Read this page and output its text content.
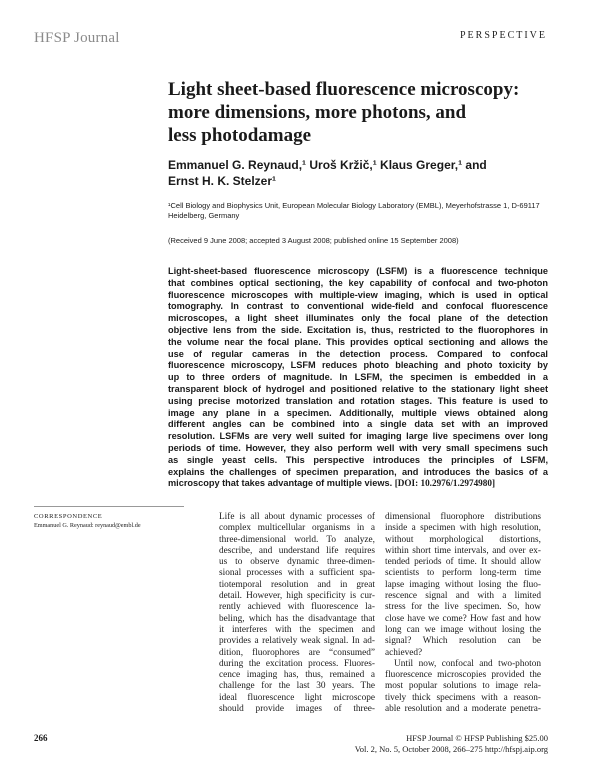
HFSP Journal	PERSPECTIVE
Light sheet-based fluorescence microscopy:
more dimensions, more photons, and
less photodamage
Emmanuel G. Reynaud,¹ Uroš Kržič,¹ Klaus Greger,¹ and
Ernst H. K. Stelzer¹
¹Cell Biology and Biophysics Unit, European Molecular Biology Laboratory (EMBL), Meyerhofstrasse 1, D-69117 Heidelberg, Germany
(Received 9 June 2008; accepted 3 August 2008; published online 15 September 2008)
Light-sheet-based fluorescence microscopy (LSFM) is a fluorescence technique
that combines optical sectioning, the key capability of confocal and two-photon
fluorescence microscopes with multiple-view imaging, which is used in optical
tomography. In contrast to conventional wide-field and confocal fluorescence
microscopes, a light sheet illuminates only the focal plane of the detection
objective lens from the side. Excitation is, thus, restricted to the fluorophores in
the volume near the focal plane. This provides optical sectioning and allows the
use of regular cameras in the detection process. Compared to confocal
fluorescence microscopy, LSFM reduces photo bleaching and photo toxicity by
up to three orders of magnitude. In LSFM, the specimen is embedded in a
transparent block of hydrogel and positioned relative to the stationary light sheet
using precise motorized translation and rotation stages. This feature is used to
image any plane in a specimen. Additionally, multiple views obtained along
different angles can be combined into a single data set with an improved
resolution. LSFMs are very well suited for imaging large live specimens over long
periods of time. However, they also perform well with very small specimens such
as single yeast cells. This perspective introduces the principles of LSFM,
explains the challenges of specimen preparation, and introduces the basics of a
microscopy that takes advantage of multiple views. [DOI: 10.2976/1.2974980]
CORRESPONDENCE
Emmanuel G. Reynaud: reynaud@embl.de
Life is all about dynamic processes of
complex multicellular organisms in a
three-dimensional world. To analyze,
describe, and understand life requires
us to observe dynamic three-dimen-
sional processes with a sufficient spa-
tiotemporal resolution and in great
detail. However, high specificity is cur-
rently achieved with fluorescence la-
beling, which has the disadvantage that
it interferes with the specimen and
provides a relatively weak signal. In ad-
dition, fluorophores are “consumed”
during the excitation process. Fluores-
cence imaging has, thus, remained a
challenge for the last 30 years. The
ideal fluorescence light microscope
should provide images of three-
dimensional fluorophore distributions
inside a specimen with high resolution,
without morphological distortions,
within short time intervals, and over ex-
tended periods of time. It should allow
scientists to perform long-term time
lapse imaging without losing the fluo-
rescence signal and with a limited
stress for the live specimen. So, how
close have we come? How fast and how
long can we image without losing the
signal? Which resolution can be
achieved?
Until now, confocal and two-photon
fluorescence microscopies provided the
most popular solutions to image rela-
tively thick specimens with a reason-
able resolution and a moderate penetra-
266	HFSP Journal © HFSP Publishing $25.00
Vol. 2, No. 5, October 2008, 266–275 http://hfspj.aip.org
